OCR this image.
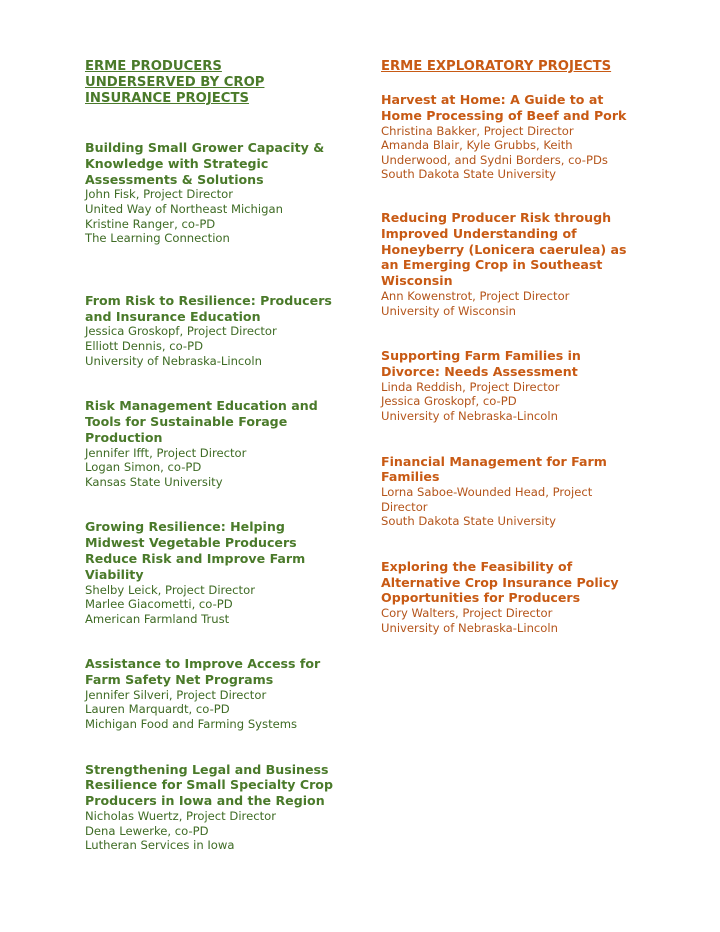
ERME PRODUCERS
UNDERSERVED BY CROP
INSURANCE PROJECTS
Building Small Grower Capacity &
Knowledge with Strategic
Assessments & Solutions
John Fisk, Project Director
United Way of Northeast Michigan
Kristine Ranger, co-PD
The Learning Connection
From Risk to Resilience: Producers
and Insurance Education
Jessica Groskopf, Project Director
Elliott Dennis, co-PD
University of Nebraska-Lincoln
Risk Management Education and
Tools for Sustainable Forage
Production
Jennifer Ifft, Project Director
Logan Simon, co-PD
Kansas State University
Growing Resilience: Helping
Midwest Vegetable Producers
Reduce Risk and Improve Farm
Viability
Shelby Leick, Project Director
Marlee Giacometti, co-PD
American Farmland Trust
Assistance to Improve Access for
Farm Safety Net Programs
Jennifer Silveri, Project Director
Lauren Marquardt, co-PD
Michigan Food and Farming Systems
Strengthening Legal and Business
Resilience for Small Specialty Crop
Producers in Iowa and the Region
Nicholas Wuertz, Project Director
Dena Lewerke, co-PD
Lutheran Services in Iowa
ERME EXPLORATORY PROJECTS
Harvest at Home: A Guide to at
Home Processing of Beef and Pork
Christina Bakker, Project Director
Amanda Blair, Kyle Grubbs, Keith
Underwood, and Sydni Borders, co-PDs
South Dakota State University
Reducing Producer Risk through
Improved Understanding of
Honeyberry (Lonicera caerulea) as
an Emerging Crop in Southeast
Wisconsin
Ann Kowenstrot, Project Director
University of Wisconsin
Supporting Farm Families in
Divorce: Needs Assessment
Linda Reddish, Project Director
Jessica Groskopf, co-PD
University of Nebraska-Lincoln
Financial Management for Farm
Families
Lorna Saboe-Wounded Head, Project
Director
South Dakota State University
Exploring the Feasibility of
Alternative Crop Insurance Policy
Opportunities for Producers
Cory Walters, Project Director
University of Nebraska-Lincoln
